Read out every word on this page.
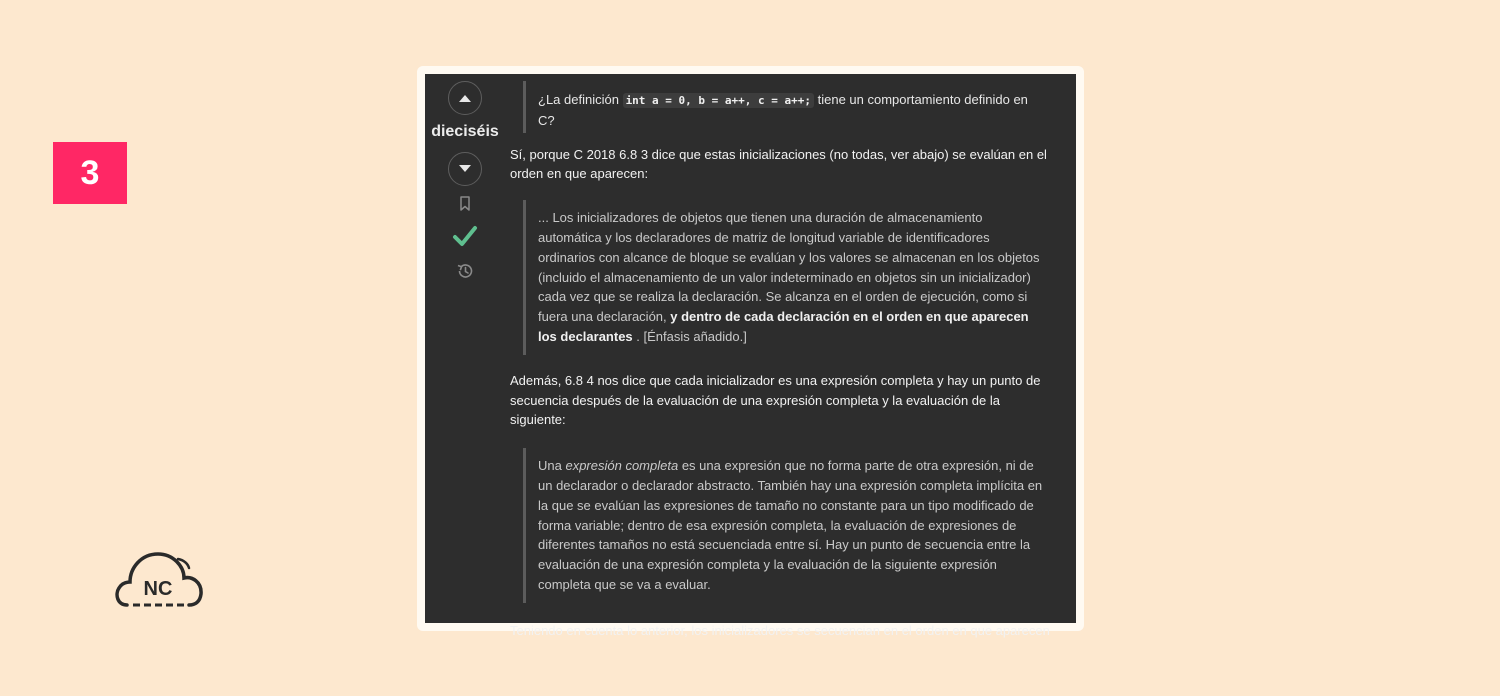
3
NC
dieciséis
¿La definición int a = 0, b = a++, c = a++; tiene un comportamiento definido en C?

Sí, porque C 2018 6.8 3 dice que estas inicializaciones (no todas, ver abajo) se evalúan en el orden en que aparecen:

... Los inicializadores de objetos que tienen una duración de almacenamiento automática y los declaradores de matriz de longitud variable de identificadores ordinarios con alcance de bloque se evalúan y los valores se almacenan en los objetos (incluido el almacenamiento de un valor indeterminado en objetos sin un inicializador) cada vez que se realiza la declaración. Se alcanza en el orden de ejecución, como si fuera una declaración, y dentro de cada declaración en el orden en que aparecen los declarantes . [Énfasis añadido.]

Además, 6.8 4 nos dice que cada inicializador es una expresión completa y hay un punto de secuencia después de la evaluación de una expresión completa y la evaluación de la siguiente:

Una expresión completa es una expresión que no forma parte de otra expresión, ni de un declarador o declarador abstracto. También hay una expresión completa implícita en la que se evalúan las expresiones de tamaño no constante para un tipo modificado de forma variable; dentro de esa expresión completa, la evaluación de expresiones de diferentes tamaños no está secuenciada entre sí. Hay un punto de secuencia entre la evaluación de una expresión completa y la evaluación de la siguiente expresión completa que se va a evaluar.

Teniendo en cuenta lo anterior, los inicializadores se secuencian en el orden en que aparecen
